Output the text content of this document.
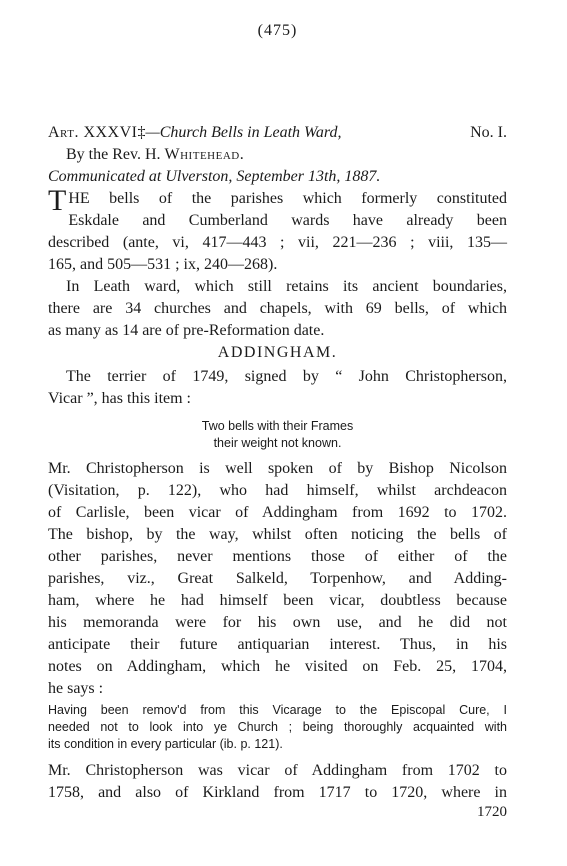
(475)
Art. XXXVI‡—Church Bells in Leath Ward,	No. I.
By the Rev. H. Whitehead.
Communicated at Ulverston, September 13th, 1887.
T HE bells of the parishes which formerly constituted
Eskdale and Cumberland wards have already been
described (ante, vi, 417—443 ; vii, 221—236 ; viii, 135—
165, and 505—531 ; ix, 240—268).
In Leath ward, which still retains its ancient boundaries,
there are 34 churches and chapels, with 69 bells, of which
as many as 14 are of pre-Reformation date.
ADDINGHAM.
The terrier of 1749, signed by “ John Christopherson,
Vicar ”, has this item :
Two bells with their Frames
their weight not known.
Mr. Christopherson is well spoken of by Bishop Nicolson
(Visitation, p. 122), who had himself, whilst archdeacon
of Carlisle, been vicar of Addingham from 1692 to 1702.
The bishop, by the way, whilst often noticing the bells of
other parishes, never mentions those of either of the
parishes, viz., Great Salkeld, Torpenhow, and Adding-
ham, where he had himself been vicar, doubtless because
his memoranda were for his own use, and he did not
anticipate their future antiquarian interest. Thus, in his
notes on Addingham, which he visited on Feb. 25, 1704,
he says :
Having been remov'd from this Vicarage to the Episcopal Cure, I
needed not to look into ye Church ; being thoroughly acquainted with
its condition in every particular (ib. p. 121).
Mr. Christopherson was vicar of Addingham from 1702 to
1758, and also of Kirkland from 1717 to 1720, where in
1720
